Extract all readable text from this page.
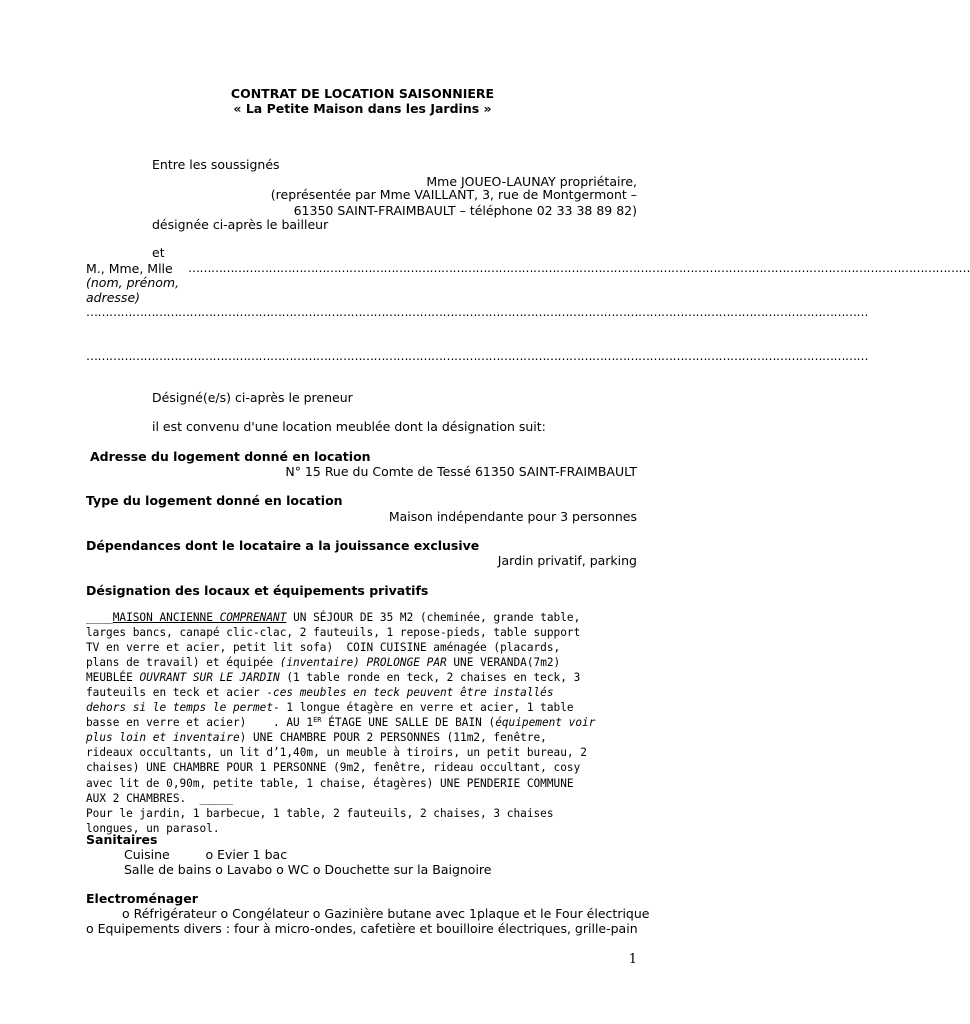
CONTRAT DE LOCATION SAISONNIERE
« La Petite Maison dans les Jardins »
Entre les soussignés
Mme JOUEO-LAUNAY propriétaire,
(représentée par Mme VAILLANT, 3, rue de Montgermont –
61350 SAINT-FRAIMBAULT – téléphone 02 33 38 89 82)
désignée ci-après le bailleur
et
M., Mme, Mlle ……………………………………………………………………………………………………………………………………………………………………………………
(nom, prénom,
adresse)
……………………………………………………………………………………………………………………………………………………………………………………
……………………………………………………………………………………………………………………………………………………………………………………
Désigné(e/s) ci-après le preneur
il est convenu d'une location meublée dont la désignation suit:
Adresse du logement donné en location
N° 15 Rue du Comte de Tessé 61350 SAINT-FRAIMBAULT
Type du logement donné en location
Maison indépendante pour 3 personnes
Dépendances dont le locataire a la jouissance exclusive
Jardin privatif, parking
Désignation des locaux et équipements privatifs
____MAISON ANCIENNE COMPRENANT UN SÉJOUR DE 35 M2 (cheminée, grande table,
larges bancs, canapé clic-clac, 2 fauteuils, 1 repose-pieds, table support
TV en verre et acier, petit lit sofa)  COIN CUISINE aménagée (placards,
plans de travail) et équipée (inventaire) PROLONGE PAR UNE VERANDA(7m2)
MEUBLÉE OUVRANT SUR LE JARDIN (1 table ronde en teck, 2 chaises en teck, 3
fauteuils en teck et acier -ces meubles en teck peuvent être installés
dehors si le temps le permet- 1 longue étagère en verre et acier, 1 table
basse en verre et acier)    . AU 1ER ÉTAGE UNE SALLE DE BAIN (équipement voir
plus loin et inventaire) UNE CHAMBRE POUR 2 PERSONNES (11m2, fenêtre,
rideaux occultants, un lit d’1,40m, un meuble à tiroirs, un petit bureau, 2
chaises) UNE CHAMBRE POUR 1 PERSONNE (9m2, fenêtre, rideau occultant, cosy
avec lit de 0,90m, petite table, 1 chaise, étagères) UNE PENDERIE COMMUNE
AUX 2 CHAMBRES.  _____
Pour le jardin, 1 barbecue, 1 table, 2 fauteuils, 2 chaises, 3 chaises
longues, un parasol.
Sanitaires
Cuisine         o Evier 1 bac
Salle de bains o Lavabo o WC o Douchette sur la Baignoire
Electroménager
o Réfrigérateur o Congélateur o Gazinière butane avec 1plaque et le Four électrique
o Equipements divers : four à micro-ondes, cafetière et bouilloire électriques, grille-pain
1
